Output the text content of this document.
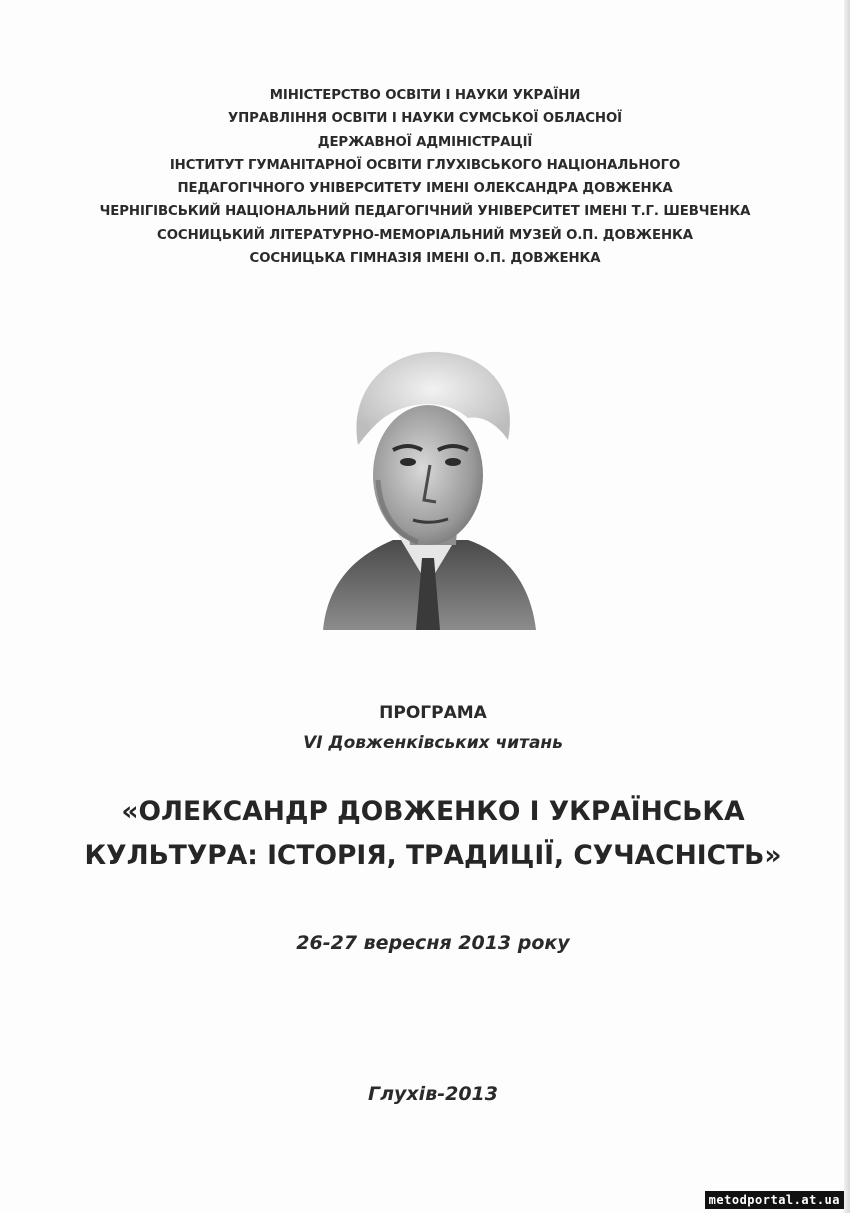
МІНІСТЕРСТВО ОСВІТИ І НАУКИ УКРАЇНИ
УПРАВЛІННЯ ОСВІТИ І НАУКИ СУМСЬКОЇ ОБЛАСНОЇ
ДЕРЖАВНОЇ АДМІНІСТРАЦІЇ
ІНСТИТУТ ГУМАНІТАРНОЇ ОСВІТИ ГЛУХІВСЬКОГО НАЦІОНАЛЬНОГО
ПЕДАГОГІЧНОГО УНІВЕРСИТЕТУ ІМЕНІ ОЛЕКСАНДРА ДОВЖЕНКА
ЧЕРНІГІВСЬКИЙ НАЦІОНАЛЬНИЙ ПЕДАГОГІЧНИЙ УНІВЕРСИТЕТ ІМЕНІ Т.Г. ШЕВЧЕНКА
СОСНИЦЬКИЙ ЛІТЕРАТУРНО-МЕМОРІАЛЬНИЙ МУЗЕЙ О.П. ДОВЖЕНКА
СОСНИЦЬКА ГІМНАЗІЯ ІМЕНІ О.П. ДОВЖЕНКА
ПРОГРАМА
VI Довженківських читань
«ОЛЕКСАНДР ДОВЖЕНКО І УКРАЇНСЬКА
КУЛЬТУРА: ІСТОРІЯ, ТРАДИЦІЇ, СУЧАСНІСТЬ»
26-27 вересня 2013 року
Глухів-2013
metodportal.at.ua
